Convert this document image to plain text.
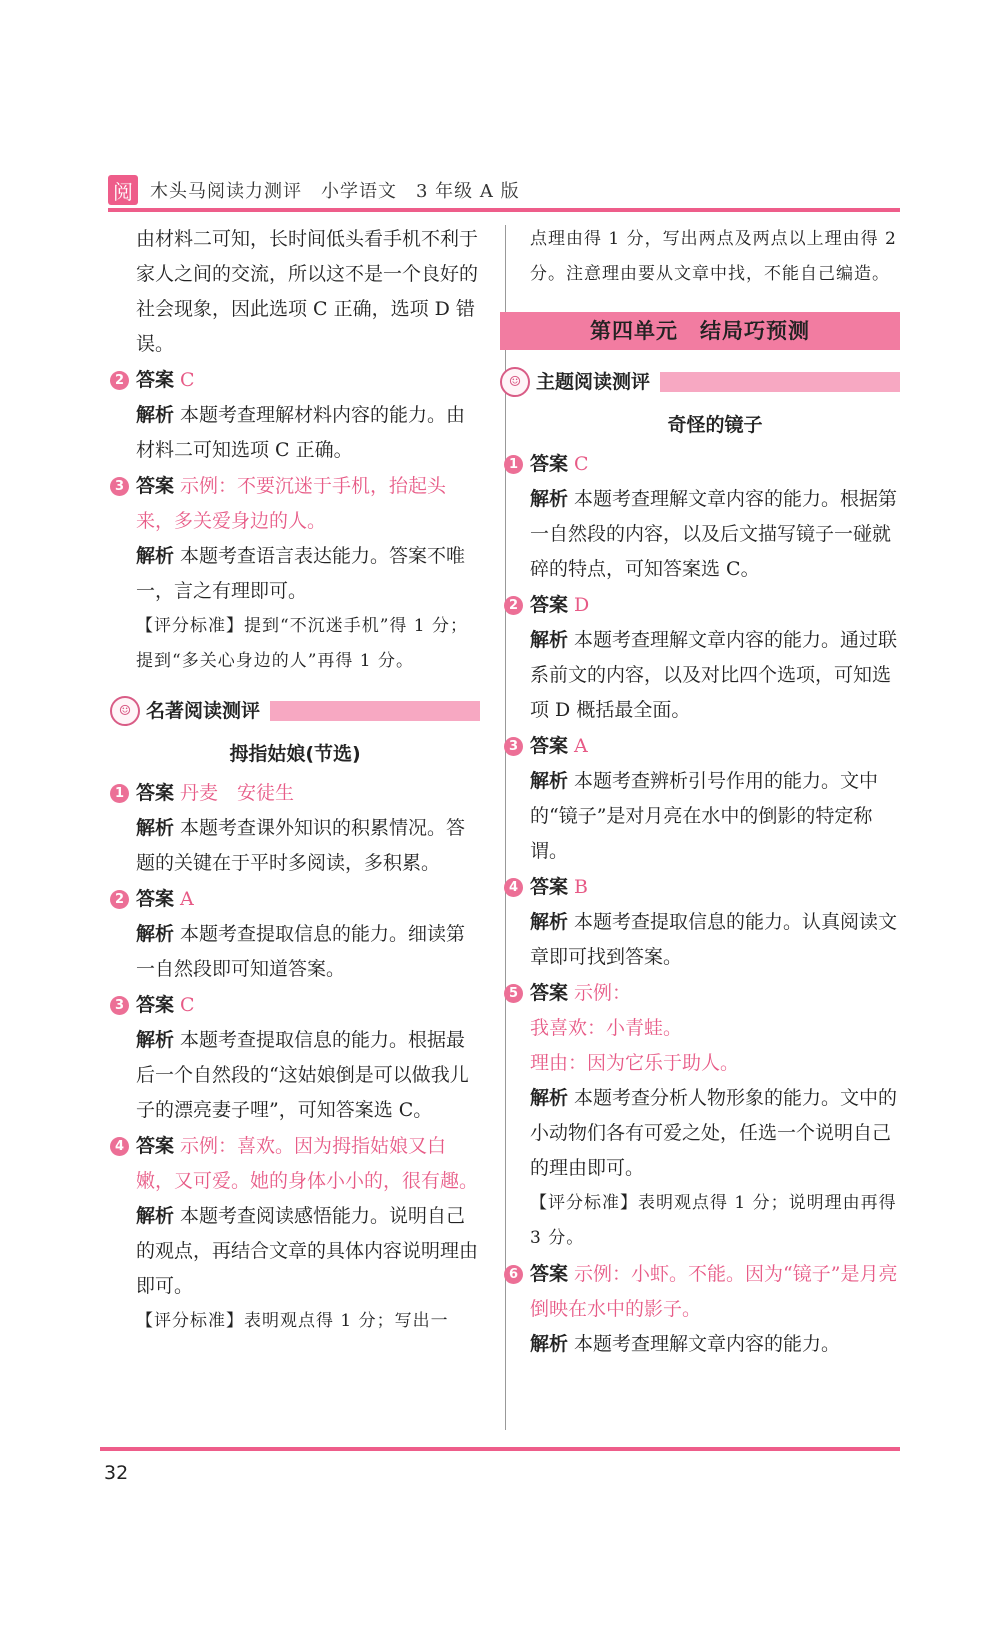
阅 木头马阅读力测评　小学语文　3 年级 A 版

由材料二可知，长时间低头看手机不利于家人之间的交流，所以这不是一个良好的社会现象，因此选项 C 正确，选项 D 错误。

2 答案 C
解析 本题考查理解材料内容的能力。由材料二可知选项 C 正确。
3 答案 示例：不要沉迷于手机，抬起头来，多关爱身边的人。
解析 本题考查语言表达能力。答案不唯一，言之有理即可。
【评分标准】提到“不沉迷手机”得 1 分；提到“多关心身边的人”再得 1 分。
☺ 名著阅读测评
拇指姑娘(节选)
1 答案 丹麦　安徒生
解析 本题考查课外知识的积累情况。答题的关键在于平时多阅读，多积累。
2 答案 A
解析 本题考查提取信息的能力。细读第一自然段即可知道答案。
3 答案 C
解析 本题考查提取信息的能力。根据最后一个自然段的“这姑娘倒是可以做我儿子的漂亮妻子哩”，可知答案选 C。
4 答案 示例：喜欢。因为拇指姑娘又白嫩，又可爱。她的身体小小的，很有趣。
解析 本题考查阅读感悟能力。说明自己的观点，再结合文章的具体内容说明理由即可。
【评分标准】表明观点得 1 分；写出一

点理由得 1 分，写出两点及两点以上理由得 2 分。注意理由要从文章中找，不能自己编造。

第四单元　结局巧预测
☺ 主题阅读测评
奇怪的镜子
1 答案 C
解析 本题考查理解文章内容的能力。根据第一自然段的内容，以及后文描写镜子一碰就碎的特点，可知答案选 C。
2 答案 D
解析 本题考查理解文章内容的能力。通过联系前文的内容，以及对比四个选项，可知选项 D 概括最全面。
3 答案 A
解析 本题考查辨析引号作用的能力。文中的“镜子”是对月亮在水中的倒影的特定称谓。
4 答案 B
解析 本题考查提取信息的能力。认真阅读文章即可找到答案。
5 答案 示例：
我喜欢：小青蛙。
理由：因为它乐于助人。
解析 本题考查分析人物形象的能力。文中的小动物们各有可爱之处，任选一个说明自己的理由即可。
【评分标准】表明观点得 1 分；说明理由再得 3 分。
6 答案 示例：小虾。不能。因为“镜子”是月亮倒映在水中的影子。
解析 本题考查理解文章内容的能力。
32
